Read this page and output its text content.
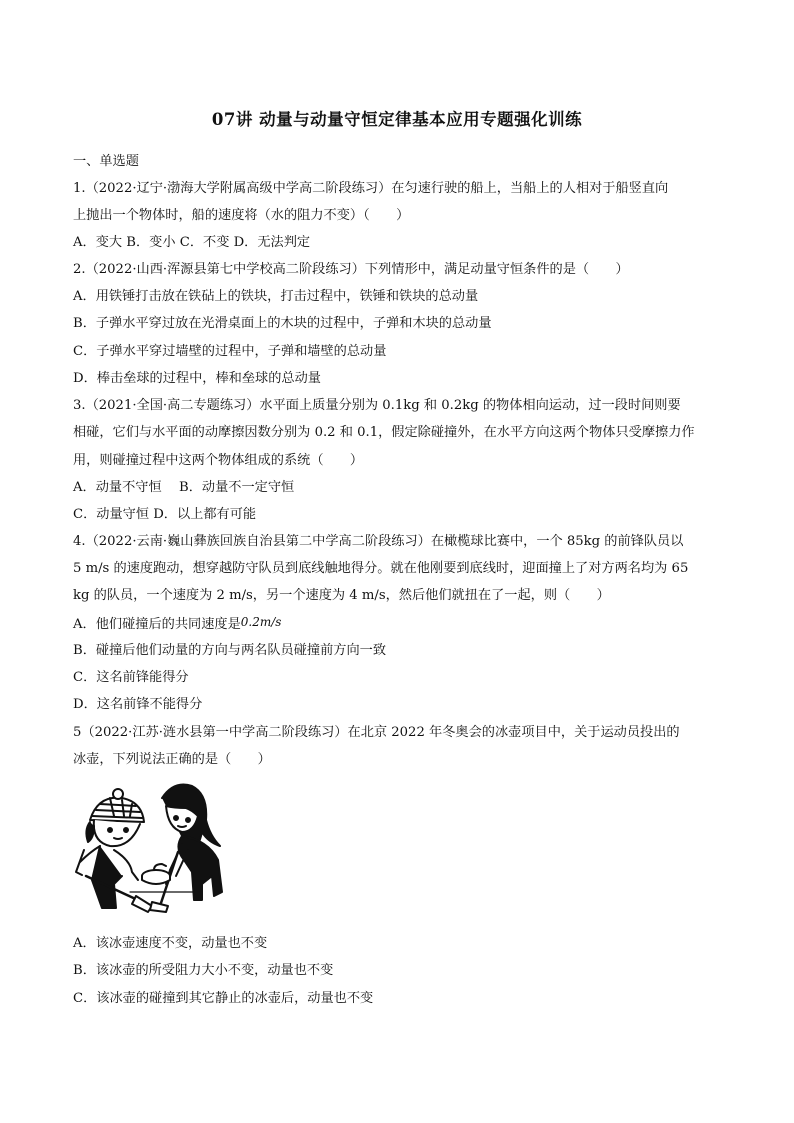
07讲 动量与动量守恒定律基本应用专题强化训练
一、单选题
1.（2022·辽宁·渤海大学附属高级中学高二阶段练习）在匀速行驶的船上，当船上的人相对于船竖直向
上抛出一个物体时，船的速度将（水的阻力不变）（　　）
A．变大 B．变小 C．不变 D．无法判定
2.（2022·山西·浑源县第七中学校高二阶段练习）下列情形中，满足动量守恒条件的是（　　）
A．用铁锤打击放在铁砧上的铁块，打击过程中，铁锤和铁块的总动量
B．子弹水平穿过放在光滑桌面上的木块的过程中，子弹和木块的总动量
C．子弹水平穿过墙壁的过程中，子弹和墙壁的总动量
D．棒击垒球的过程中，棒和垒球的总动量
3.（2021·全国·高二专题练习）水平面上质量分别为 0.1kg 和 0.2kg 的物体相向运动，过一段时间则要
相碰，它们与水平面的动摩擦因数分别为 0.2 和 0.1，假定除碰撞外，在水平方向这两个物体只受摩擦力作
用，则碰撞过程中这两个物体组成的系统（　　）
A．动量不守恒　 B．动量不一定守恒
C．动量守恒 D．以上都有可能
4.（2022·云南·巍山彝族回族自治县第二中学高二阶段练习）在橄榄球比赛中，一个 85kg 的前锋队员以
5 m/s 的速度跑动，想穿越防守队员到底线触地得分。就在他刚要到底线时，迎面撞上了对方两名均为 65
kg 的队员，一个速度为 2 m/s，另一个速度为 4 m/s，然后他们就扭在了一起，则（　　）
A．他们碰撞后的共同速度是0.2m/s
B．碰撞后他们动量的方向与两名队员碰撞前方向一致
C．这名前锋能得分
D．这名前锋不能得分
5（2022·江苏·涟水县第一中学高二阶段练习）在北京 2022 年冬奥会的冰壶项目中，关于运动员投出的
冰壶，下列说法正确的是（　　）
A．该冰壶速度不变，动量也不变
B．该冰壶的所受阻力大小不变，动量也不变
C．该冰壶的碰撞到其它静止的冰壶后，动量也不变
